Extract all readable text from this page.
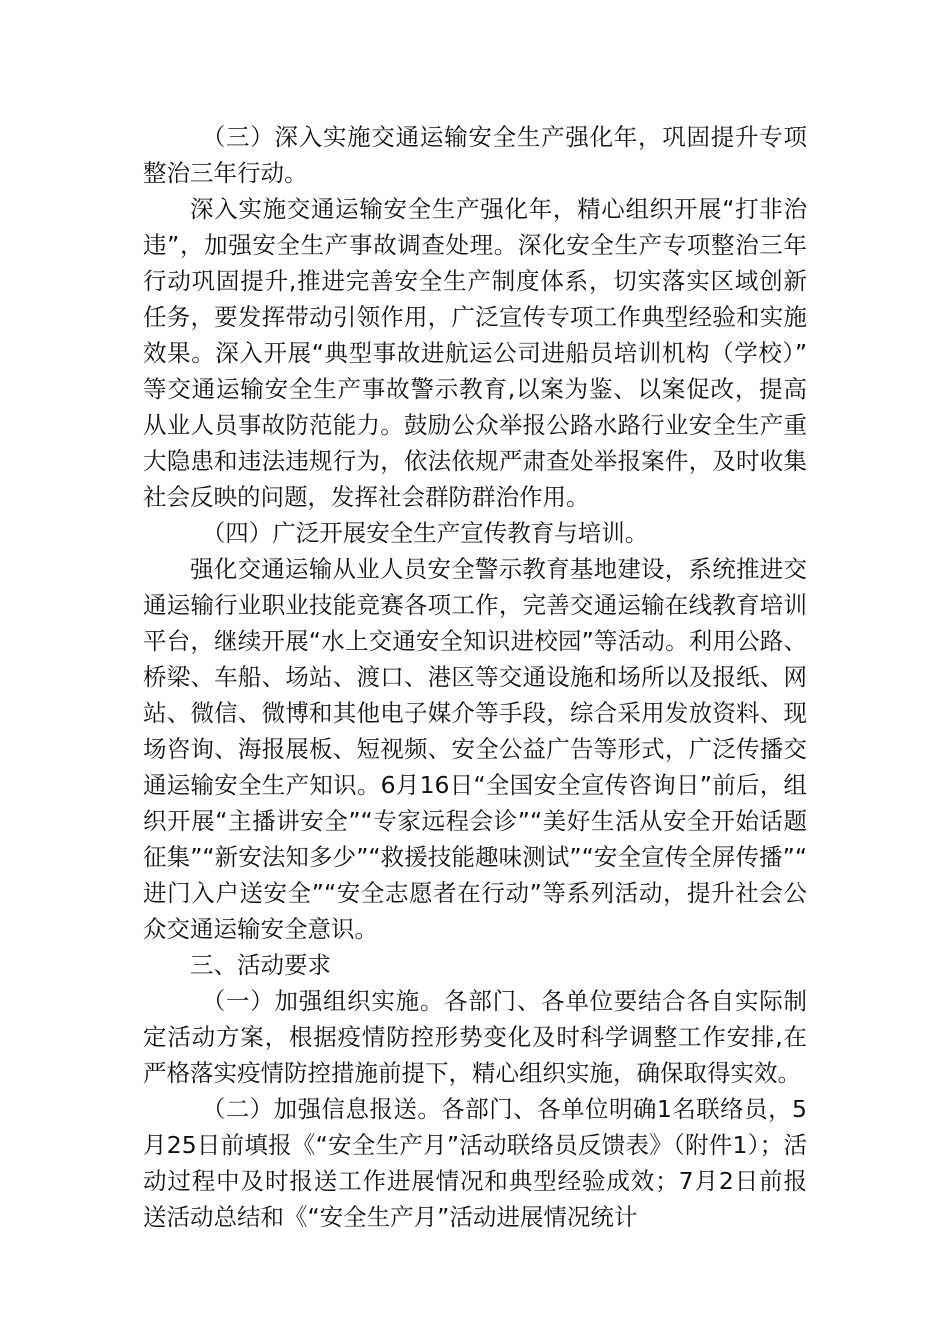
（三）深入实施交通运输安全生产强化年，巩固提升专项整治三年行动。

深入实施交通运输安全生产强化年，精心组织开展“打非治违”，加强安全生产事故调查处理。深化安全生产专项整治三年行动巩固提升,推进完善安全生产制度体系，切实落实区域创新任务，要发挥带动引领作用，广泛宣传专项工作典型经验和实施效果。深入开展“典型事故进航运公司进船员培训机构（学校）”等交通运输安全生产事故警示教育,以案为鉴、以案促改，提高从业人员事故防范能力。鼓励公众举报公路水路行业安全生产重大隐患和违法违规行为，依法依规严肃查处举报案件，及时收集社会反映的问题，发挥社会群防群治作用。

（四）广泛开展安全生产宣传教育与培训。

强化交通运输从业人员安全警示教育基地建设，系统推进交通运输行业职业技能竞赛各项工作，完善交通运输在线教育培训平台，继续开展“水上交通安全知识进校园”等活动。利用公路、桥梁、车船、场站、渡口、港区等交通设施和场所以及报纸、网站、微信、微博和其他电子媒介等手段，综合采用发放资料、现场咨询、海报展板、短视频、安全公益广告等形式，广泛传播交通运输安全生产知识。6月16日“全国安全宣传咨询日”前后，组织开展“主播讲安全”“专家远程会诊”“美好生活从安全开始话题征集”“新安法知多少”“救援技能趣味测试”“安全宣传全屏传播”“进门入户送安全”“安全志愿者在行动”等系列活动，提升社会公众交通运输安全意识。

三、活动要求

（一）加强组织实施。各部门、各单位要结合各自实际制定活动方案，根据疫情防控形势变化及时科学调整工作安排,在严格落实疫情防控措施前提下，精心组织实施，确保取得实效。

（二）加强信息报送。各部门、各单位明确1名联络员，5月25日前填报《“安全生产月”活动联络员反馈表》（附件1）；活动过程中及时报送工作进展情况和典型经验成效；7月2日前报送活动总结和《“安全生产月”活动进展情况统计
